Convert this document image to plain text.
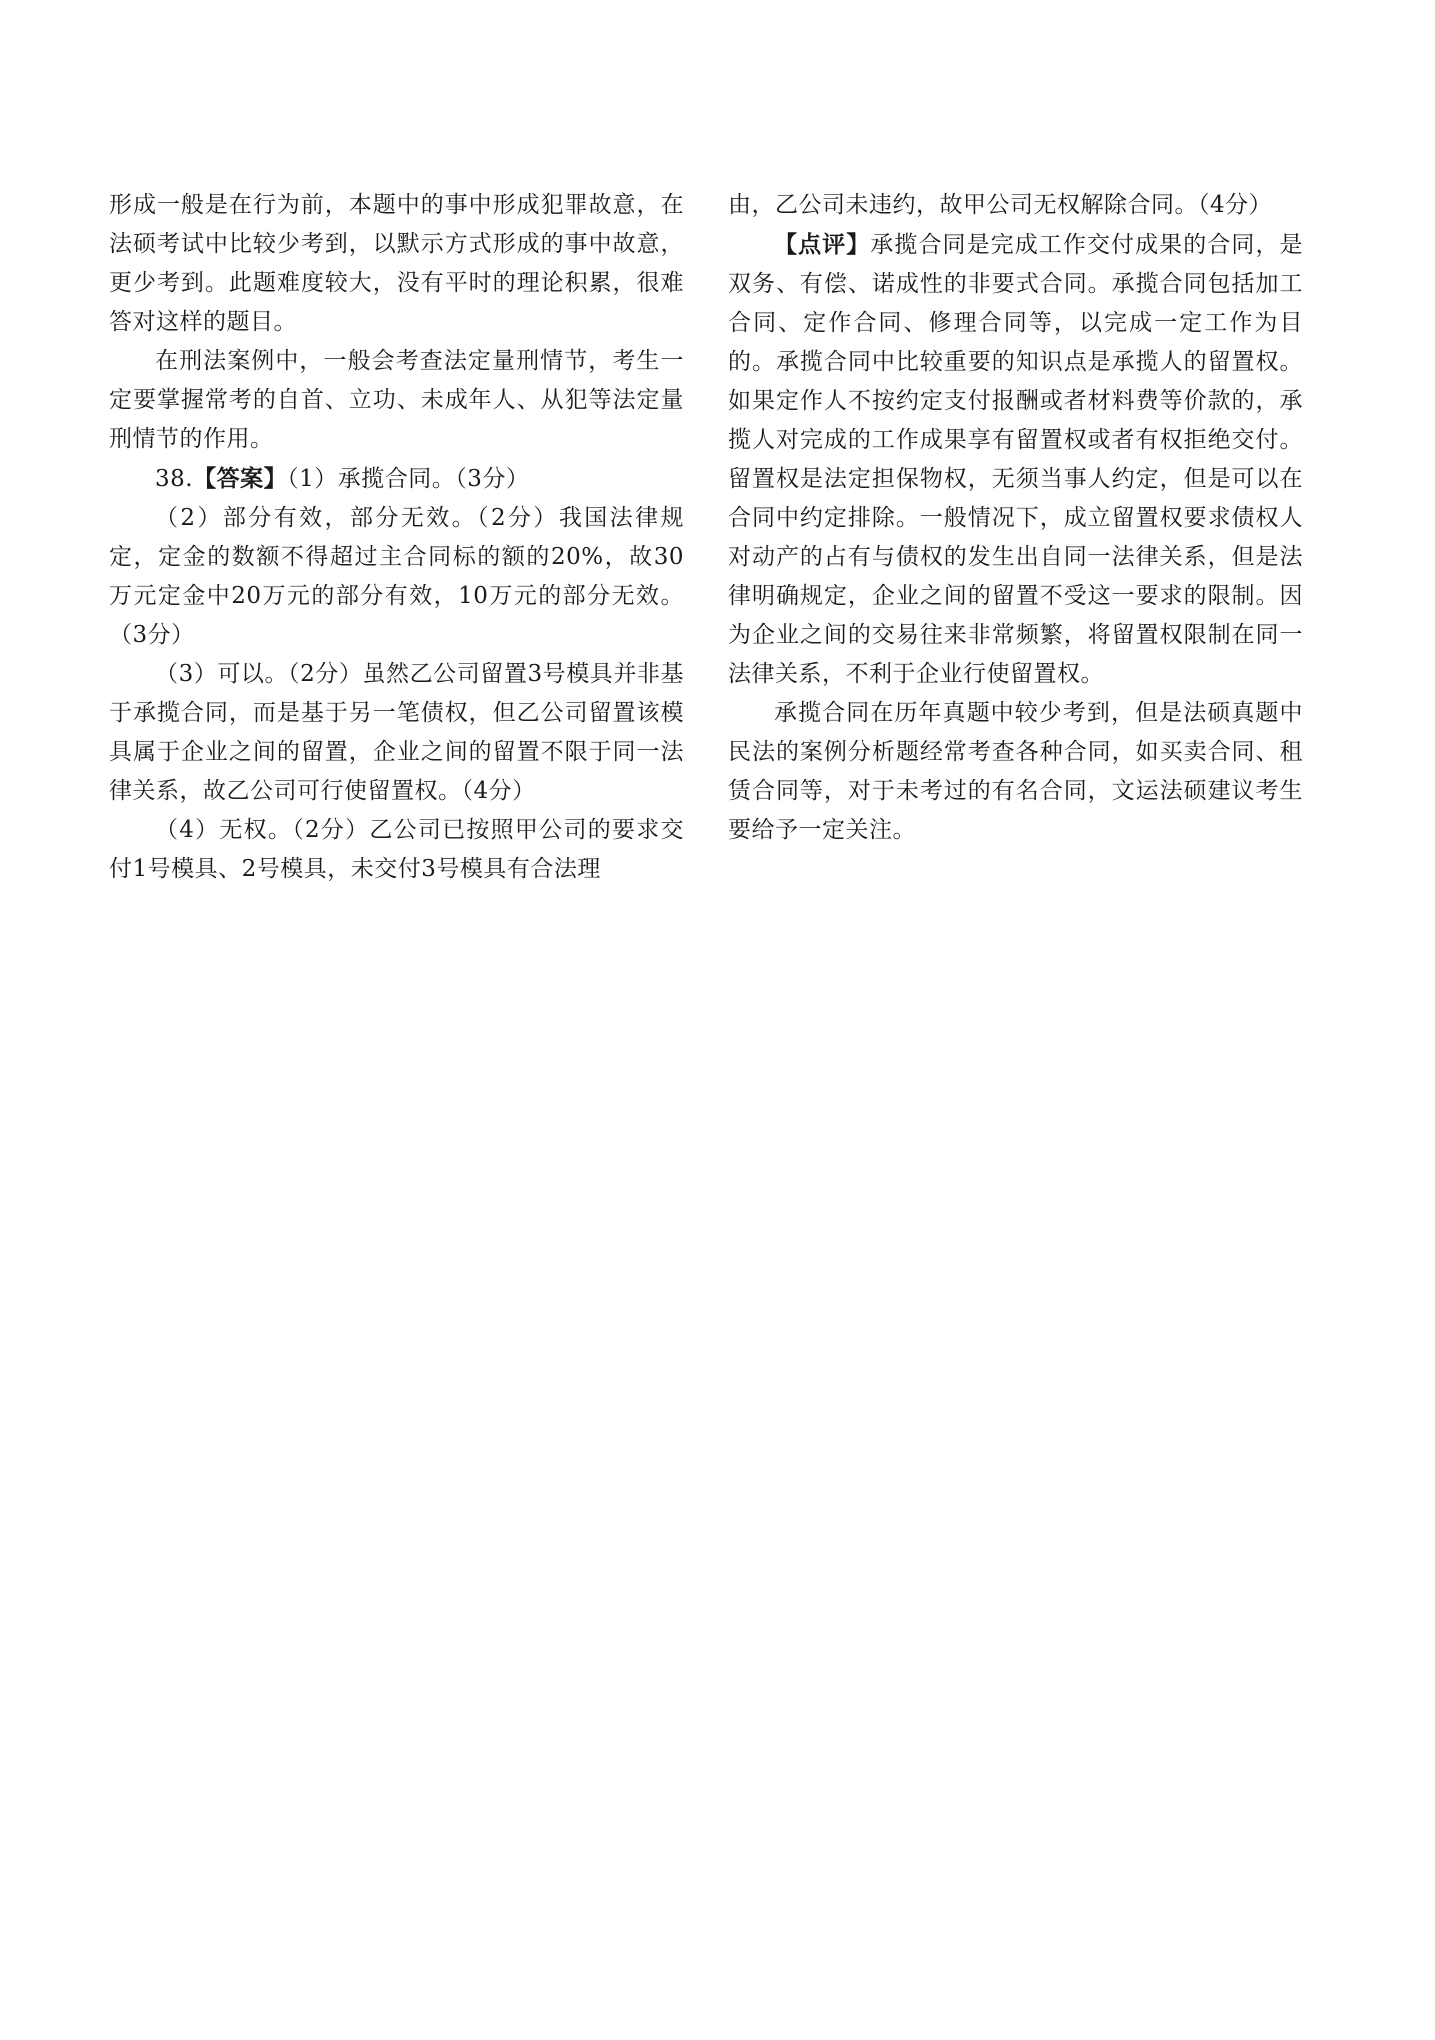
形成一般是在行为前，本题中的事中形成犯罪故意，在法硕考试中比较少考到，以默示方式形成的事中故意，更少考到。此题难度较大，没有平时的理论积累，很难答对这样的题目。

在刑法案例中，一般会考查法定量刑情节，考生一定要掌握常考的自首、立功、未成年人、从犯等法定量刑情节的作用。

38.【答案】（1）承揽合同。（3分）

（2）部分有效，部分无效。（2分）我国法律规定，定金的数额不得超过主合同标的额的20%，故30万元定金中20万元的部分有效，10万元的部分无效。（3分）

（3）可以。（2分）虽然乙公司留置3号模具并非基于承揽合同，而是基于另一笔债权，但乙公司留置该模具属于企业之间的留置，企业之间的留置不限于同一法律关系，故乙公司可行使留置权。（4分）

（4）无权。（2分）乙公司已按照甲公司的要求交付1号模具、2号模具，未交付3号模具有合法理

由，乙公司未违约，故甲公司无权解除合同。（4分）

【点评】承揽合同是完成工作交付成果的合同，是双务、有偿、诺成性的非要式合同。承揽合同包括加工合同、定作合同、修理合同等，以完成一定工作为目的。承揽合同中比较重要的知识点是承揽人的留置权。如果定作人不按约定支付报酬或者材料费等价款的，承揽人对完成的工作成果享有留置权或者有权拒绝交付。留置权是法定担保物权，无须当事人约定，但是可以在合同中约定排除。一般情况下，成立留置权要求债权人对动产的占有与债权的发生出自同一法律关系，但是法律明确规定，企业之间的留置不受这一要求的限制。因为企业之间的交易往来非常频繁，将留置权限制在同一法律关系，不利于企业行使留置权。

承揽合同在历年真题中较少考到，但是法硕真题中民法的案例分析题经常考查各种合同，如买卖合同、租赁合同等，对于未考过的有名合同，文运法硕建议考生要给予一定关注。
